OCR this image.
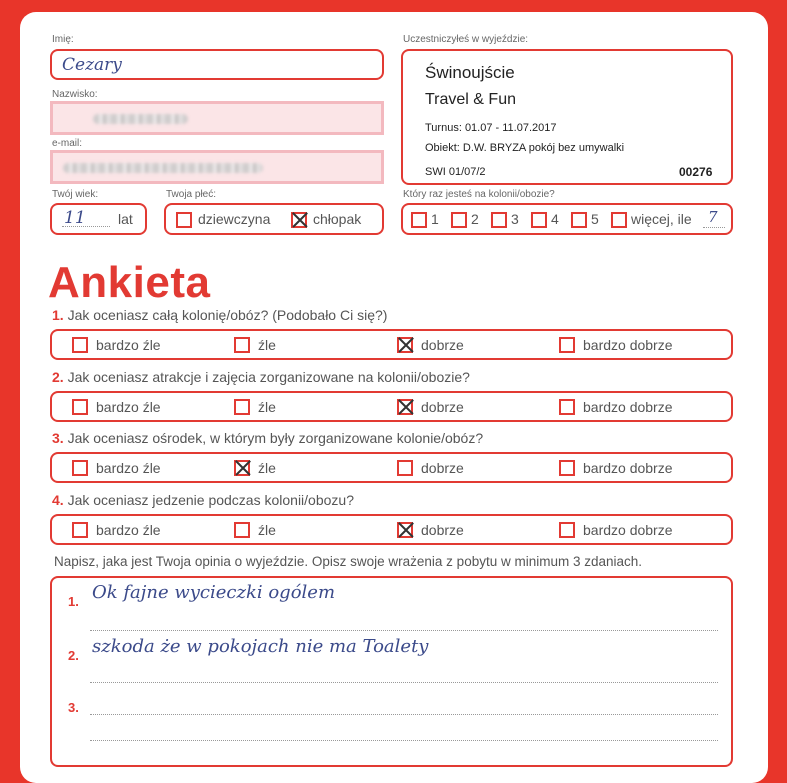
Imię:
Cezary
Nazwisko:
e-mail:
Twój wiek:
11 lat
Twoja płeć:
dziewczyna	chłopak
Uczestniczyłeś w wyjeździe:
Świnoujście
Travel & Fun
Turnus: 01.07 - 11.07.2017
Obiekt: D.W. BRYZA pokój bez umywalki
SWI 01/07/2	00276
Który raz jesteś na kolonii/obozie?
1 2 3 4 5 więcej, ile 7
Ankieta
1. Jak oceniasz całą kolonię/obóz? (Podobało Ci się?)
bardzo źle	źle	dobrze	bardzo dobrze
2. Jak oceniasz atrakcje i zajęcia zorganizowane na kolonii/obozie?
bardzo źle	źle	dobrze	bardzo dobrze
3. Jak oceniasz ośrodek, w którym były zorganizowane kolonie/obóz?
bardzo źle	źle	dobrze	bardzo dobrze
4. Jak oceniasz jedzenie podczas kolonii/obozu?
bardzo źle	źle	dobrze	bardzo dobrze
Napisz, jaka jest Twoja opinia o wyjeździe. Opisz swoje wrażenia z pobytu w minimum 3 zdaniach.
1. Ok fajne wycieczki ogólem
2. szkoda że w pokojach nie ma Toalety
3.
